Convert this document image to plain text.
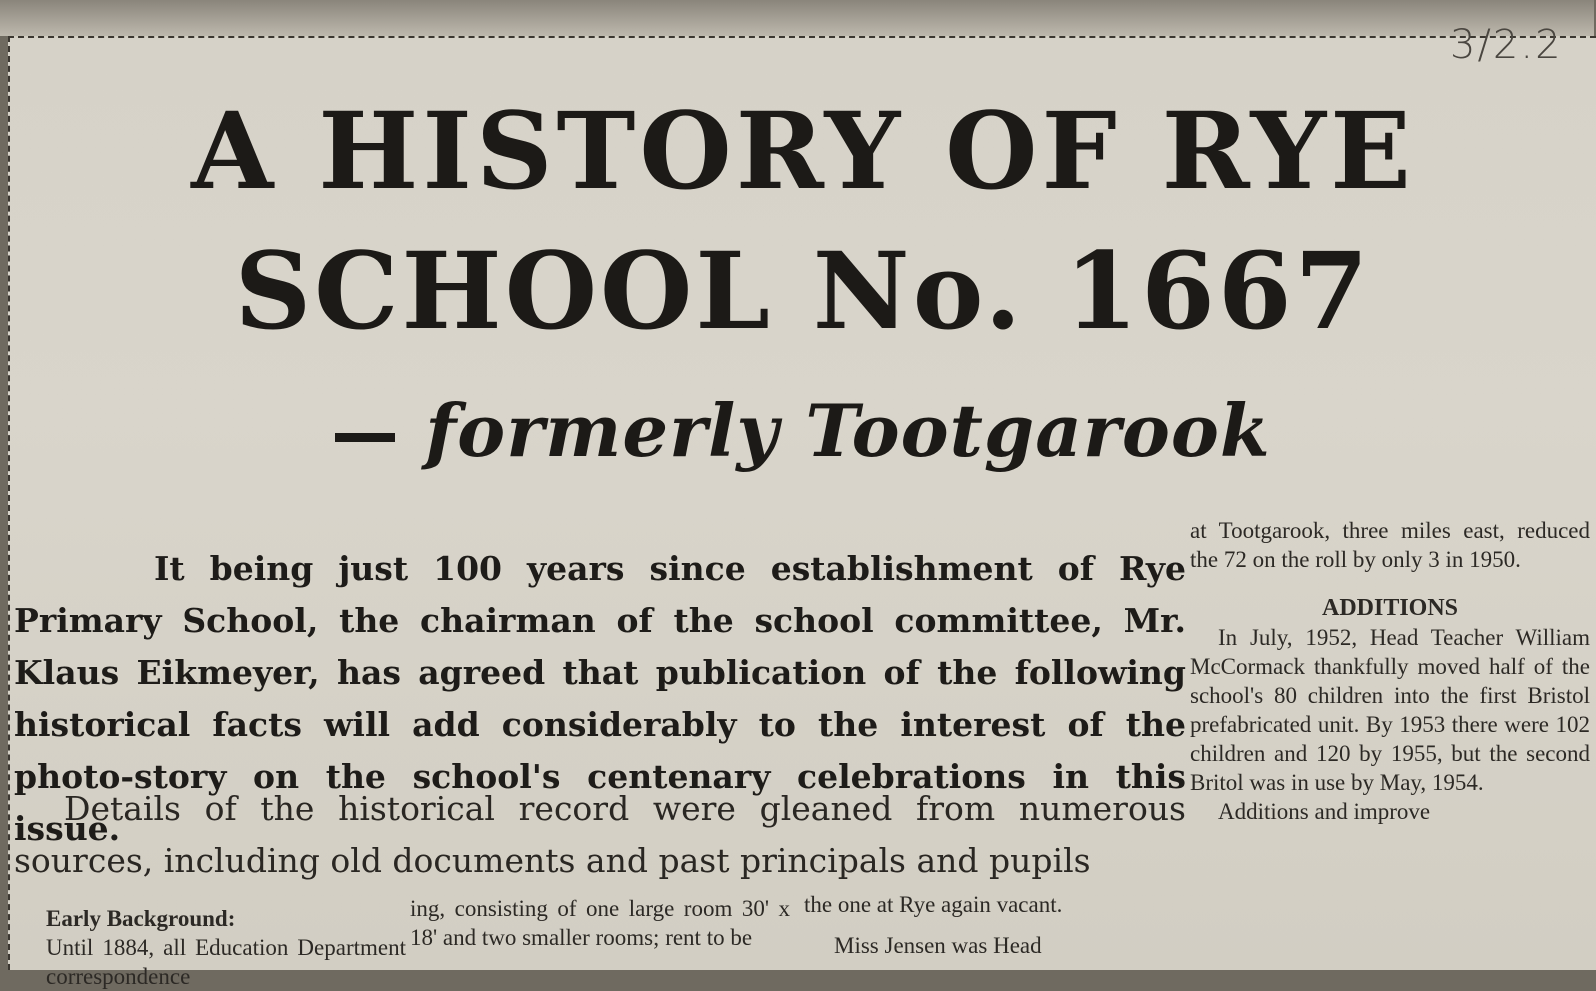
A HISTORY OF RYE
SCHOOL No. 1667
formerly Tootgarook
It being just 100 years since establishment of Rye Primary School, the chairman of the school committee, Mr. Klaus Eikmeyer, has agreed that publication of the following historical facts will add considerably to the interest of the photo-story on the school's centenary celebrations in this issue.
Details of the historical record were gleaned from numerous sources, including old documents and past principals and pupils
at Tootgarook, three miles east, reduced the 72 on the roll by only 3 in 1950.
ADDITIONS
In July, 1952, Head Teacher William McCormack thankfully moved half of the school's 80 children into the first Bristol prefabricated unit. By 1953 there were 102 children and 120 by 1955, but the second Britol was in use by May, 1954.
Additions and improve
Early Background:
Until 1884, all Education Department correspondence
ing, consisting of one large room 30' x 18' and two smaller rooms; rent to be
the one at Rye again vacant.
Miss Jensen was Head
3/2.2
